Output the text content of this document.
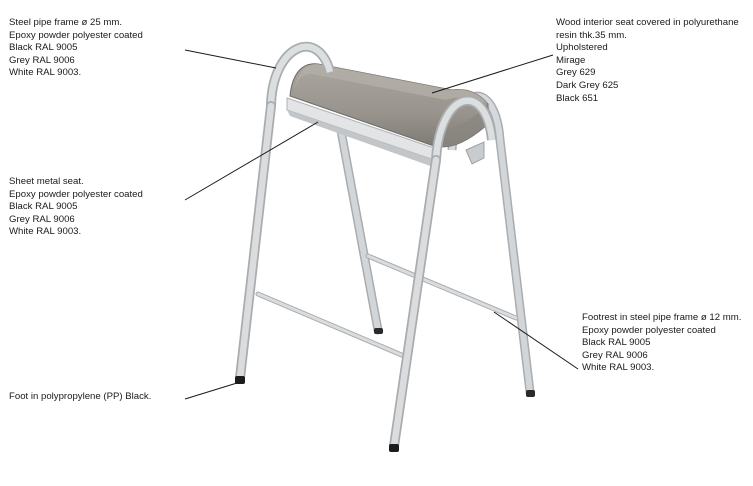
Steel pipe frame ø 25 mm.
Epoxy powder polyester coated
Black RAL 9005
Grey RAL 9006
White RAL 9003.
Wood interior seat covered in polyurethane
resin thk.35 mm.
Upholstered
Mirage
Grey 629
Dark Grey 625
Black 651
Sheet metal seat.
Epoxy powder polyester coated
Black RAL 9005
Grey RAL 9006
White RAL 9003.
Footrest in steel pipe frame ø 12 mm.
Epoxy powder polyester coated
Black RAL 9005
Grey RAL 9006
White RAL 9003.
Foot in polypropylene (PP) Black.
